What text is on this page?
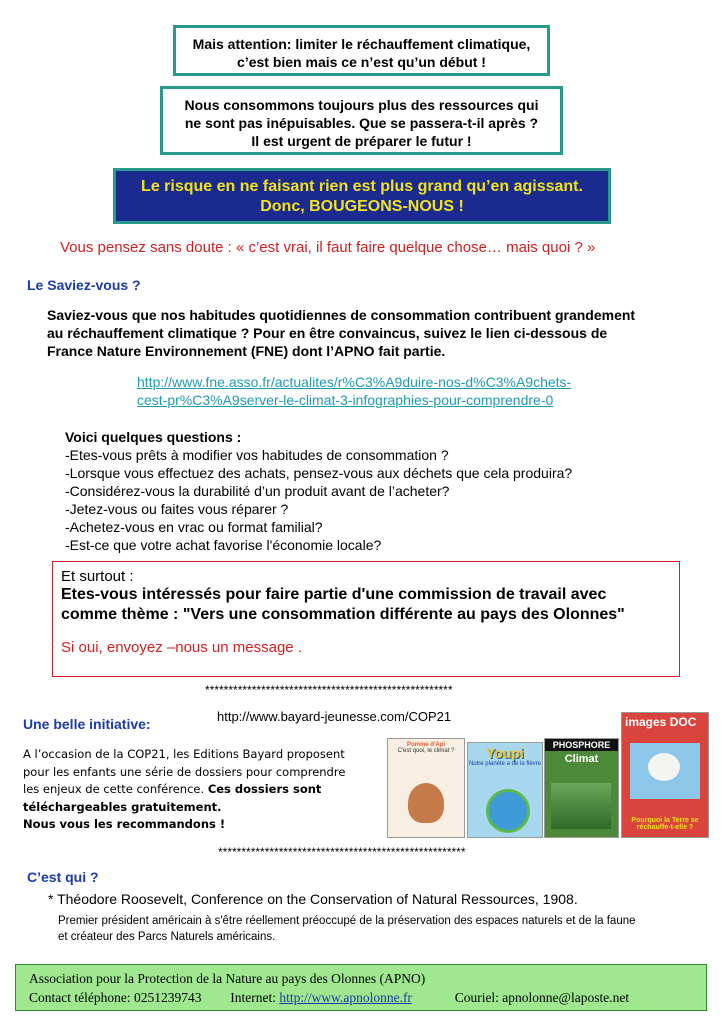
Mais attention: limiter le réchauffement climatique,
c’est bien mais ce n’est qu’un début !
Nous consommons toujours plus des ressources qui
ne sont pas inépuisables. Que se passera-t-il après ?
Il est urgent de préparer le futur !
Le risque en ne faisant rien est plus grand qu’en agissant.
Donc, BOUGEONS-NOUS !
Vous pensez sans doute : « c’est vrai, il faut faire quelque chose… mais quoi ? »
Le Saviez-vous ?
Saviez-vous que nos habitudes quotidiennes de consommation contribuent grandement
au réchauffement climatique ? Pour en être convaincus, suivez le lien ci-dessous de
France Nature Environnement (FNE) dont l’APNO fait partie.
http://www.fne.asso.fr/actualites/r%C3%A9duire-nos-d%C3%A9chets-
cest-pr%C3%A9server-le-climat-3-infographies-pour-comprendre-0
Voici quelques questions :
-Etes-vous prêts à modifier vos habitudes de consommation ?
-Lorsque vous effectuez des achats, pensez-vous aux déchets que cela produira?
-Considérez-vous la durabilité d’un produit avant de l’acheter?
-Jetez-vous ou faites vous réparer ?
-Achetez-vous en vrac ou format familial?
-Est-ce que votre achat favorise l'économie locale?
Et surtout :
Etes-vous intéressés pour faire partie d'une commission de travail avec
comme thème : "Vers une consommation différente au pays des Olonnes"
Si oui, envoyez –nous un message .
*****************************************************
Une belle initiative:	http://www.bayard-jeunesse.com/COP21
A l’occasion de la COP21, les Editions Bayard proposent
pour les enfants une série de dossiers pour comprendre
les enjeux de cette conférence. Ces dossiers sont
téléchargeables gratuitement.
Nous vous les recommandons !
Pomme d'Api
C'est quoi, le climat ?	Youpi
Notre planète a de la fièvre
PHOSPHORE
Climat
images DOC
Pourquoi la Terre se réchauffe-t-elle ?
*****************************************************
C’est qui ?
* Théodore Roosevelt, Conference on the Conservation of Natural Ressources, 1908.
Premier président américain à s'être réellement préoccupé de la préservation des espaces naturels et de la faune
et créateur des Parcs Naturels américains.
Association pour la Protection de la Nature au pays des Olonnes (APNO)
Contact téléphone: 0251239743 Internet: http://www.apnolonne.fr	Couriel: apnolonne@laposte.net
